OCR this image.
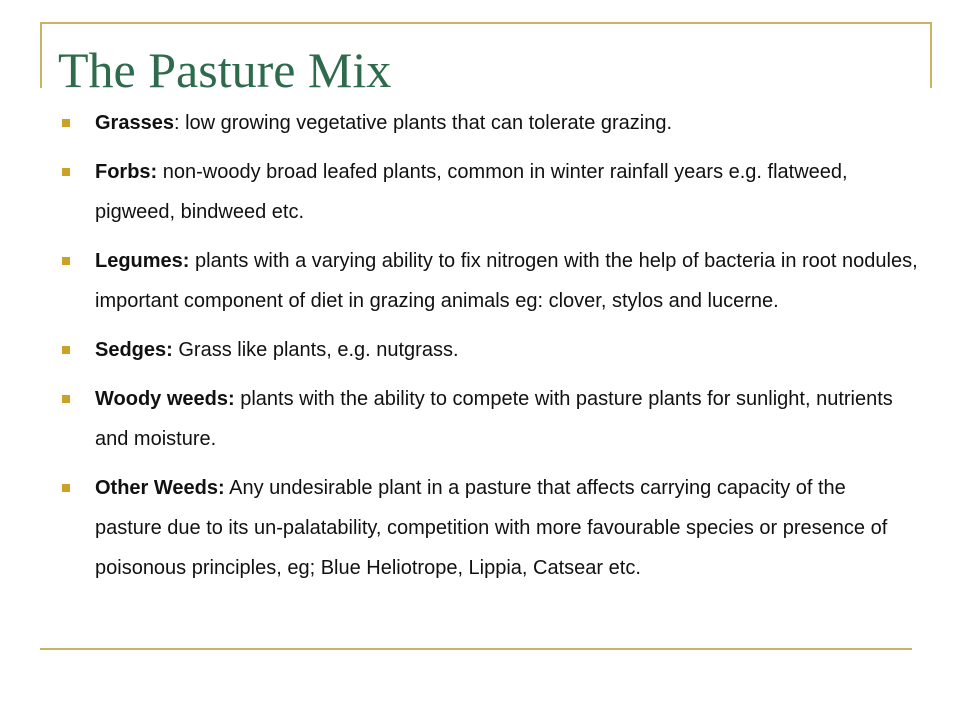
The Pasture Mix
Grasses: low growing vegetative plants that can tolerate grazing.
Forbs: non-woody broad leafed plants, common in winter rainfall years e.g. flatweed, pigweed, bindweed etc.
Legumes: plants with a varying ability to fix nitrogen with the help of bacteria in root nodules, important component of diet in grazing animals eg: clover, stylos and lucerne.
Sedges: Grass like plants, e.g. nutgrass.
Woody weeds: plants with the ability to compete with pasture plants for sunlight, nutrients and moisture.
Other Weeds: Any undesirable plant in a pasture that affects carrying capacity of the pasture due to its un-palatability, competition with more favourable species or presence of poisonous principles, eg; Blue Heliotrope, Lippia, Catsear etc.
